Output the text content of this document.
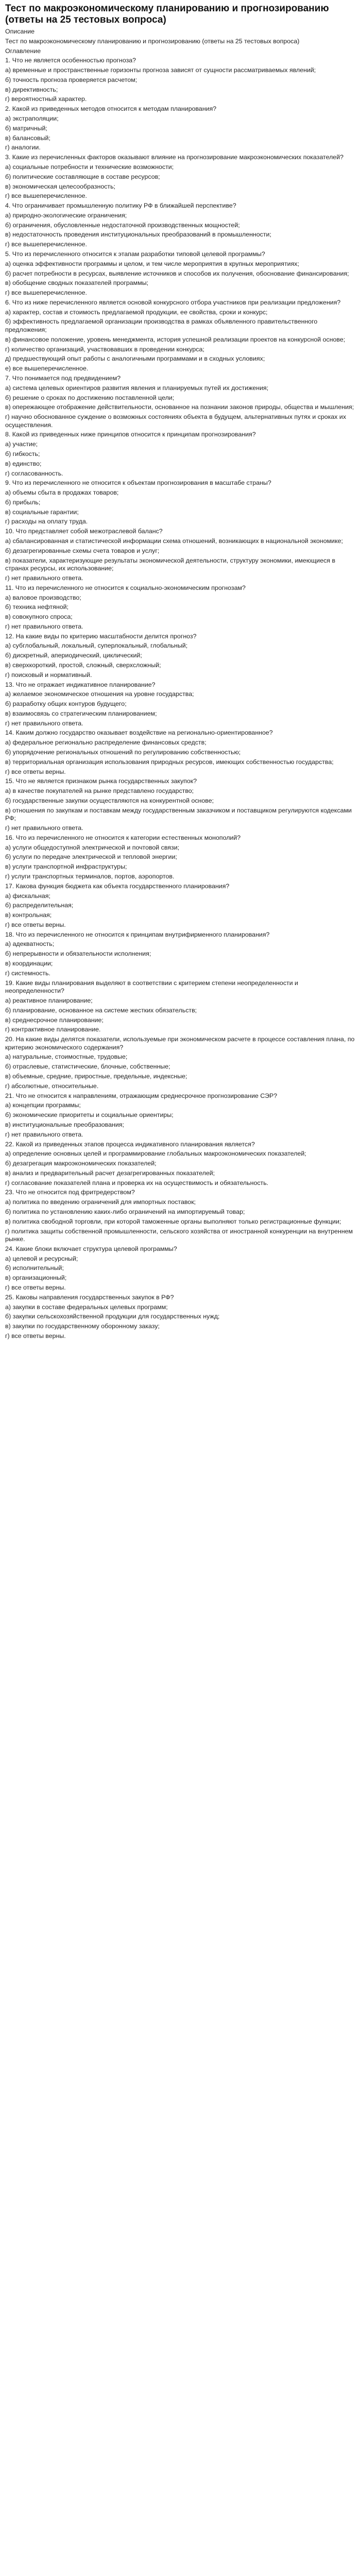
Тест по макроэкономическому планированию и прогнозированию (ответы на 25 тестовых вопроса)

Описание

Тест по макроэкономическому планированию и прогнозированию (ответы на 25 тестовых вопроса)

Оглавление

1. Что не является особенностью прогноза?

а) временные и пространственные горизонты прогноза зависят от сущности рассматриваемых явлений;

б) точность прогноза проверяется расчетом;

в) директивность;

г) вероятностный характер.

2. Какой из приведенных методов относится к методам планирования?

а) экстраполяции;

б) матричный;

в) балансовый;

г) аналогии.

3. Какие из перечисленных факторов оказывают влияние на прогнозирование макроэкономических показателей?

а) социальные потребности и технические возможности;

б) политические составляющие в составе ресурсов;

в) экономическая целесообразность;

г) все вышеперечисленное.

4. Что ограничивает промышленную политику РФ в ближайшей перспективе?

а) природно-экологические ограничения;

б) ограничения, обусловленные недостаточной производственных мощностей;

в) недостаточность проведения институциональных преобразований в промышленности;

г) все вышеперечисленное.

5. Что из перечисленного относится к этапам разработки типовой целевой программы?

а) оценка эффективности программы и целом, и тем числе мероприятия в крупных мероприятиях;

б) расчет потребности в ресурсах, выявление источников и способов их получения, обоснование финансирования;

в) обобщение сводных показателей программы;

г) все вышеперечисленное.

6. Что из ниже перечисленного является основой конкурсного отбора участников при реализации предложения?

а) характер, состав и стоимость предлагаемой продукции, ее свойства, сроки и конкурс;

б) эффективность предлагаемой организации производства в рамках объявленного правительственного предложения;

в) финансовое положение, уровень менеджмента, история успешной реализации проектов на конкурсной основе;

г) количество организаций, участвовавших в проведении конкурса;

д) предшествующий опыт работы с аналогичными программами и в сходных условиях;

е) все вышеперечисленное.

7. Что понимается под предвидением?

а) система целевых ориентиров развития явления и планируемых путей их достижения;

б) решение о сроках по достижению поставленной цели;

в) опережающее отображение действительности, основанное на познании законов природы, общества и мышления;

г) научно обоснованное суждение о возможных состояниях объекта в будущем, альтернативных путях и сроках их осуществления.

8. Какой из приведенных ниже принципов относится к принципам прогнозирования?

а) участие;

б) гибкость;

в) единство;

г) согласованность.

9. Что из перечисленного не относится к объектам прогнозирования в масштабе страны?

а) объемы сбыта в продажах товаров;

б) прибыль;

в) социальные гарантии;

г) расходы на оплату труда.

10. Что представляет собой межотраслевой баланс?

а) сбалансированная и статистической информации схема отношений, возникающих в национальной экономике;

б) дезагрегированные схемы счета товаров и услуг;

в) показатели, характеризующие результаты экономической деятельности, структуру экономики, имеющиеся в странах ресурсы, их использование;

г) нет правильного ответа.

11. Что из перечисленного не относится к социально-экономическим прогнозам?

а) валовое производство;

б) техника нефтяной;

в) совокупного спроса;

г) нет правильного ответа.

12. На какие виды по критерию масштабности делится прогноз?

а) субглобальный, локальный, суперлокальный, глобальный;

б) дискретный, апериодический, циклический;

в) сверхкороткий, простой, сложный, сверхсложный;

г) поисковый и нормативный.

13. Что не отражает индикативное планирование?

а) желаемое экономическое отношения на уровне государства;

б) разработку общих контуров будущего;

в) взаимосвязь со стратегическим планированием;

г) нет правильного ответа.

14. Каким должно государство оказывает воздействие на регионально-ориентированное?

а) федеральное регионально распределение финансовых средств;

б) упорядочение региональных отношений по регулированию собственностью;

в) территориальная организация использования природных ресурсов, имеющих собственностью государства;

г) все ответы верны.

15. Что не является признаком рынка государственных закупок?

а) в качестве покупателей на рынке представлено государство;

б) государственные закупки осуществляются на конкурентной основе;

в) отношения по закупкам и поставкам между государственным заказчиком и поставщиком регулируются кодексами РФ;

г) нет правильного ответа.

16. Что из перечисленного не относится к категории естественных монополий?

а) услуги общедоступной электрической и почтовой связи;

б) услуги по передаче электрической и тепловой энергии;

в) услуги транспортной инфраструктуры;

г) услуги транспортных терминалов, портов, аэропортов.

17. Какова функция бюджета как объекта государственного планирования?

а) фискальная;

б) распределительная;

в) контрольная;

г) все ответы верны.

18. Что из перечисленного не относится к принципам внутрифирменного планирования?

а) адекватность;

б) непрерывности и обязательности исполнения;

в) координации;

г) системность.

19. Какие виды планирования выделяют в соответствии с критерием степени неопределенности и неопределенности?

а) реактивное планирование;

б) планирование, основанное на системе жестких обязательств;

в) среднесрочное планирование;

г) контрактивное планирование.

20. На какие виды делятся показатели, используемые при экономическом расчете в процессе составления плана, по критерию экономического содержания?

а) натуральные, стоимостные, трудовые;

б) отраслевые, статистические, блочные, собственные;

в) объемные, средние, приростные, предельные, индексные;

г) абсолютные, относительные.

21. Что не относится к направлениям, отражающим среднесрочное прогнозирование СЭР?

а) концепции программы;

б) экономические приоритеты и социальные ориентиры;

в) институциональные преобразования;

г) нет правильного ответа.

22. Какой из приведенных этапов процесса индикативного планирования является?

а) определение основных целей и программирование глобальных макроэкономических показателей;

б) дезагрегация макроэкономических показателей;

в) анализ и предварительный расчет дезагрегированных показателей;

г) согласование показателей плана и проверка их на осуществимость и обязательность.

23. Что не относится под фритредерством?

а) политика по введению ограничений для импортных поставок;

б) политика по установлению каких-либо ограничений на импортируемый товар;

в) политика свободной торговли, при которой таможенные органы выполняют только регистрационные функции;

г) политика защиты собственной промышленности, сельского хозяйства от иностранной конкуренции на внутреннем рынке.

24. Какие блоки включает структура целевой программы?

а) целевой и ресурсный;

б) исполнительный;

в) организационный;

г) все ответы верны.

25. Каковы направления государственных закупок в РФ?

а) закупки в составе федеральных целевых программ;

б) закупки сельскохозяйственной продукции для государственных нужд;

в) закупки по государственному оборонному заказу;

г) все ответы верны.
